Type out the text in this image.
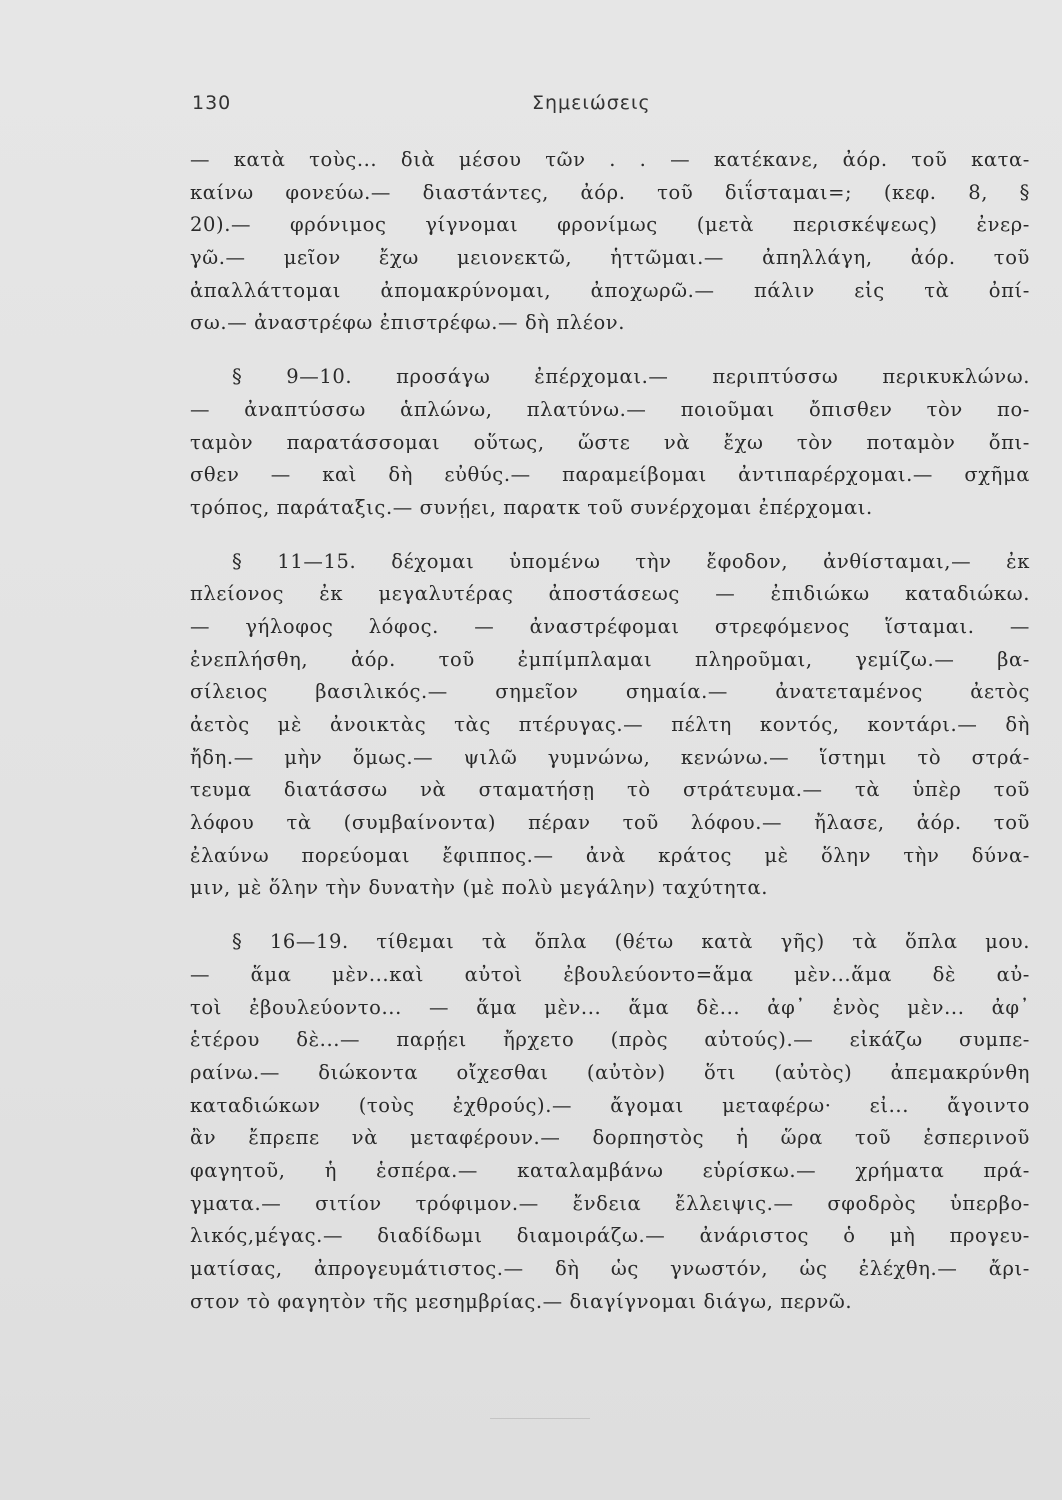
130	Σημειώσεις
— κατὰ τοὺς... διὰ μέσου τῶν . . — κατέκανε, ἀόρ. τοῦ κατα-
καίνω φονεύω.— διαστάντες, ἀόρ. τοῦ διΐσταμαι=; (κεφ. 8, §
20).— φρόνιμος γίγνομαι φρονίμως (μετὰ περισκέψεως) ἐνερ-
γῶ.— μεῖον ἔχω μειονεκτῶ, ἡττῶμαι.— ἀπηλλάγη, ἀόρ. τοῦ
ἀπαλλάττομαι ἀπομακρύνομαι, ἀποχωρῶ.— πάλιν εἰς τὰ ὀπί-
σω.— ἀναστρέφω ἐπιστρέφω.— δὴ πλέον.
§ 9—10. προσάγω ἐπέρχομαι.— περιπτύσσω περικυκλώνω.
— ἀναπτύσσω ἁπλώνω, πλατύνω.— ποιοῦμαι ὄπισθεν τὸν πο-
ταμὸν παρατάσσομαι οὕτως, ὥστε νὰ ἔχω τὸν ποταμὸν ὄπι-
σθεν — καὶ δὴ εὐθύς.— παραμείβομαι ἀντιπαρέρχομαι.— σχῆμα
τρόπος, παράταξις.— συνῄει, παρατκ τοῦ συνέρχομαι ἐπέρχομαι.
§ 11—15. δέχομαι ὑπομένω τὴν ἔφοδον, ἀνθίσταμαι,— ἐκ
πλείονος ἐκ μεγαλυτέρας ἀποστάσεως — ἐπιδιώκω καταδιώκω.
— γήλοφος λόφος. — ἀναστρέφομαι στρεφόμενος ἵσταμαι. —
ἐνεπλήσθη, ἀόρ. τοῦ ἐμπίμπλαμαι πληροῦμαι, γεμίζω.— βα-
σίλειος βασιλικός.— σημεῖον σημαία.— ἀνατεταμένος ἀετὸς
ἀετὸς μὲ ἀνοικτὰς τὰς πτέρυγας.— πέλτη κοντός, κοντάρι.— δὴ
ἤδη.— μὴν ὅμως.— ψιλῶ γυμνώνω, κενώνω.— ἵστημι τὸ στρά-
τευμα διατάσσω νὰ σταματήσῃ τὸ στράτευμα.— τὰ ὑπὲρ τοῦ
λόφου τὰ (συμβαίνοντα) πέραν τοῦ λόφου.— ἤλασε, ἀόρ. τοῦ
ἐλαύνω πορεύομαι ἔφιππος.— ἀνὰ κράτος μὲ ὅλην τὴν δύνα-
μιν, μὲ ὅλην τὴν δυνατὴν (μὲ πολὺ μεγάλην) ταχύτητα.
§ 16—19. τίθεμαι τὰ ὅπλα (θέτω κατὰ γῆς) τὰ ὅπλα μου.
— ἅμα μὲν...καὶ αὐτοὶ ἐβουλεύοντο=ἅμα μὲν...ἅμα δὲ αὐ-
τοὶ ἐβουλεύοντο... — ἅμα μὲν... ἅμα δὲ... ἀφ᾽ ἑνὸς μὲν... ἀφ᾽
ἑτέρου δὲ...— παρῄει ἤρχετο (πρὸς αὐτούς).— εἰκάζω συμπε-
ραίνω.— διώκοντα οἴχεσθαι (αὐτὸν) ὅτι (αὐτὸς) ἀπεμακρύνθη
καταδιώκων (τοὺς ἐχθρούς).— ἄγομαι μεταφέρω· εἰ... ἄγοιντο
ἂν ἔπρεπε νὰ μεταφέρουν.— δορπηστὸς ἡ ὥρα τοῦ ἑσπερινοῦ
φαγητοῦ, ἡ ἑσπέρα.— καταλαμβάνω εὑρίσκω.— χρήματα πρά-
γματα.— σιτίον τρόφιμον.— ἔνδεια ἔλλειψις.— σφοδρὸς ὑπερβο-
λικός,μέγας.— διαδίδωμι διαμοιράζω.— ἀνάριστος ὁ μὴ προγευ-
ματίσας, ἀπρογευμάτιστος.— δὴ ὡς γνωστόν, ὡς ἐλέχθη.— ἄρι-
στον τὸ φαγητὸν τῆς μεσημβρίας.— διαγίγνομαι διάγω, περνῶ.
